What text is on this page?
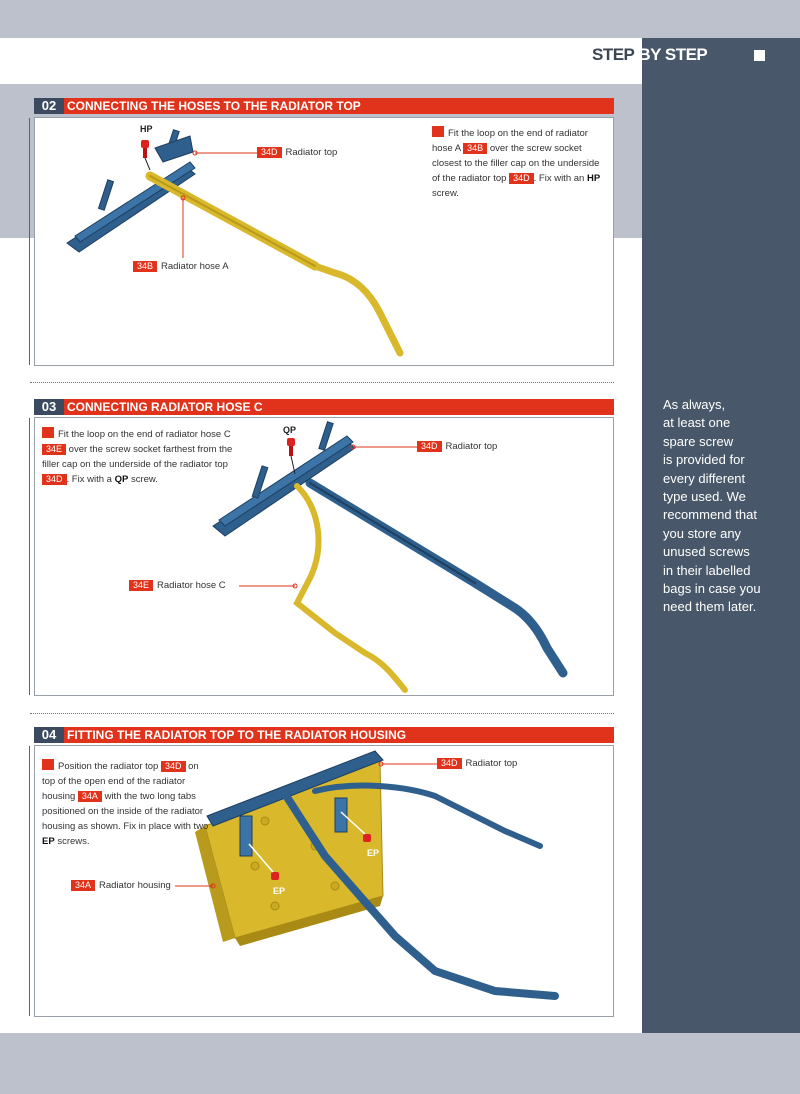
STEP BY STEP
As always,
at least one
spare screw
is provided for
every different
type used. We
recommend that
you store any
unused screws
in their labelled
bags in case you
need them later.
02 CONNECTING THE HOSES TO THE RADIATOR TOP
HP
34D Radiator top
34B Radiator hose A
Fit the loop on the end of radiator hose A 34B over the screw socket closest to the filler cap on the underside of the radiator top 34D . Fix with an HP screw.
03 CONNECTING RADIATOR HOSE C
QP
34D Radiator top
34E Radiator hose C
Fit the loop on the end of radiator hose C 34E over the screw socket farthest from the filler cap on the underside of the radiator top 34D . Fix with a QP screw.
04 FITTING THE RADIATOR TOP TO THE RADIATOR HOUSING
EP
EP
34D Radiator top
34A Radiator housing
Position the radiator top 34D on top of the open end of the radiator housing 34A with the two long tabs positioned on the inside of the radiator housing as shown. Fix in place with two EP screws.
